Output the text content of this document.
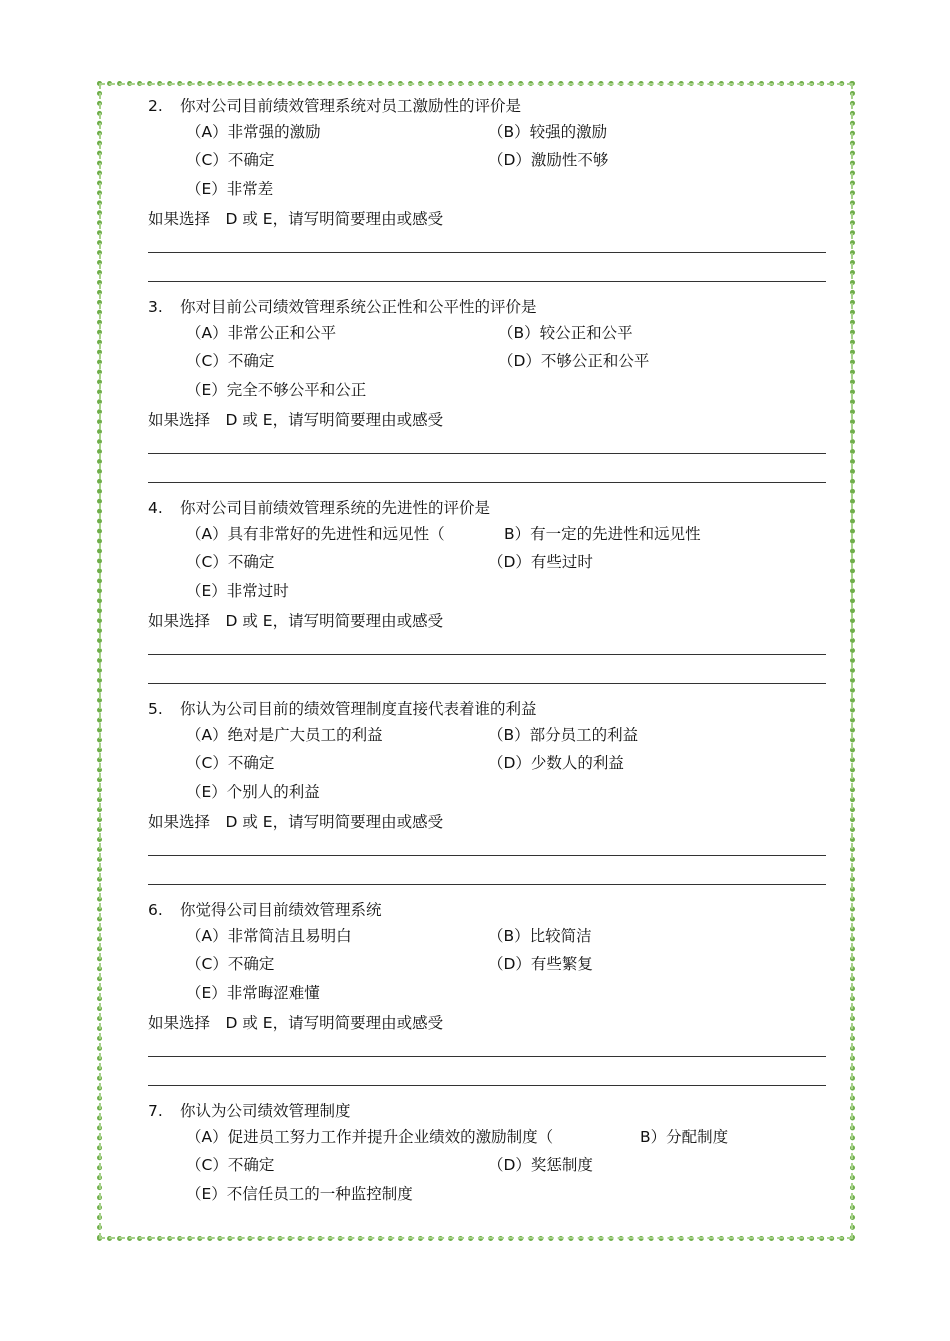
2. 你对公司目前绩效管理系统对员工激励性的评价是
（A）非常强的激励	（B）较强的激励
（C）不确定	（D）激励性不够
（E）非常差
如果选择　D 或 E，请写明简要理由或感受
3. 你对目前公司绩效管理系统公正性和公平性的评价是
（A）非常公正和公平	（B）较公正和公平
（C）不确定	（D）不够公正和公平
（E）完全不够公平和公正
如果选择　D 或 E，请写明简要理由或感受
4. 你对公司目前绩效管理系统的先进性的评价是
（A）具有非常好的先进性和远见性（	B）有一定的先进性和远见性
（C）不确定	（D）有些过时
（E）非常过时
如果选择　D 或 E，请写明简要理由或感受
5. 你认为公司目前的绩效管理制度直接代表着谁的利益
（A）绝对是广大员工的利益	（B）部分员工的利益
（C）不确定	（D）少数人的利益
（E）个别人的利益
如果选择　D 或 E，请写明简要理由或感受
6. 你觉得公司目前绩效管理系统
（A）非常简洁且易明白	（B）比较简洁
（C）不确定	（D）有些繁复
（E）非常晦涩难懂
如果选择　D 或 E，请写明简要理由或感受
7. 你认为公司绩效管理制度
（A）促进员工努力工作并提升企业绩效的激励制度（	B）分配制度
（C）不确定	（D）奖惩制度
（E）不信任员工的一种监控制度
